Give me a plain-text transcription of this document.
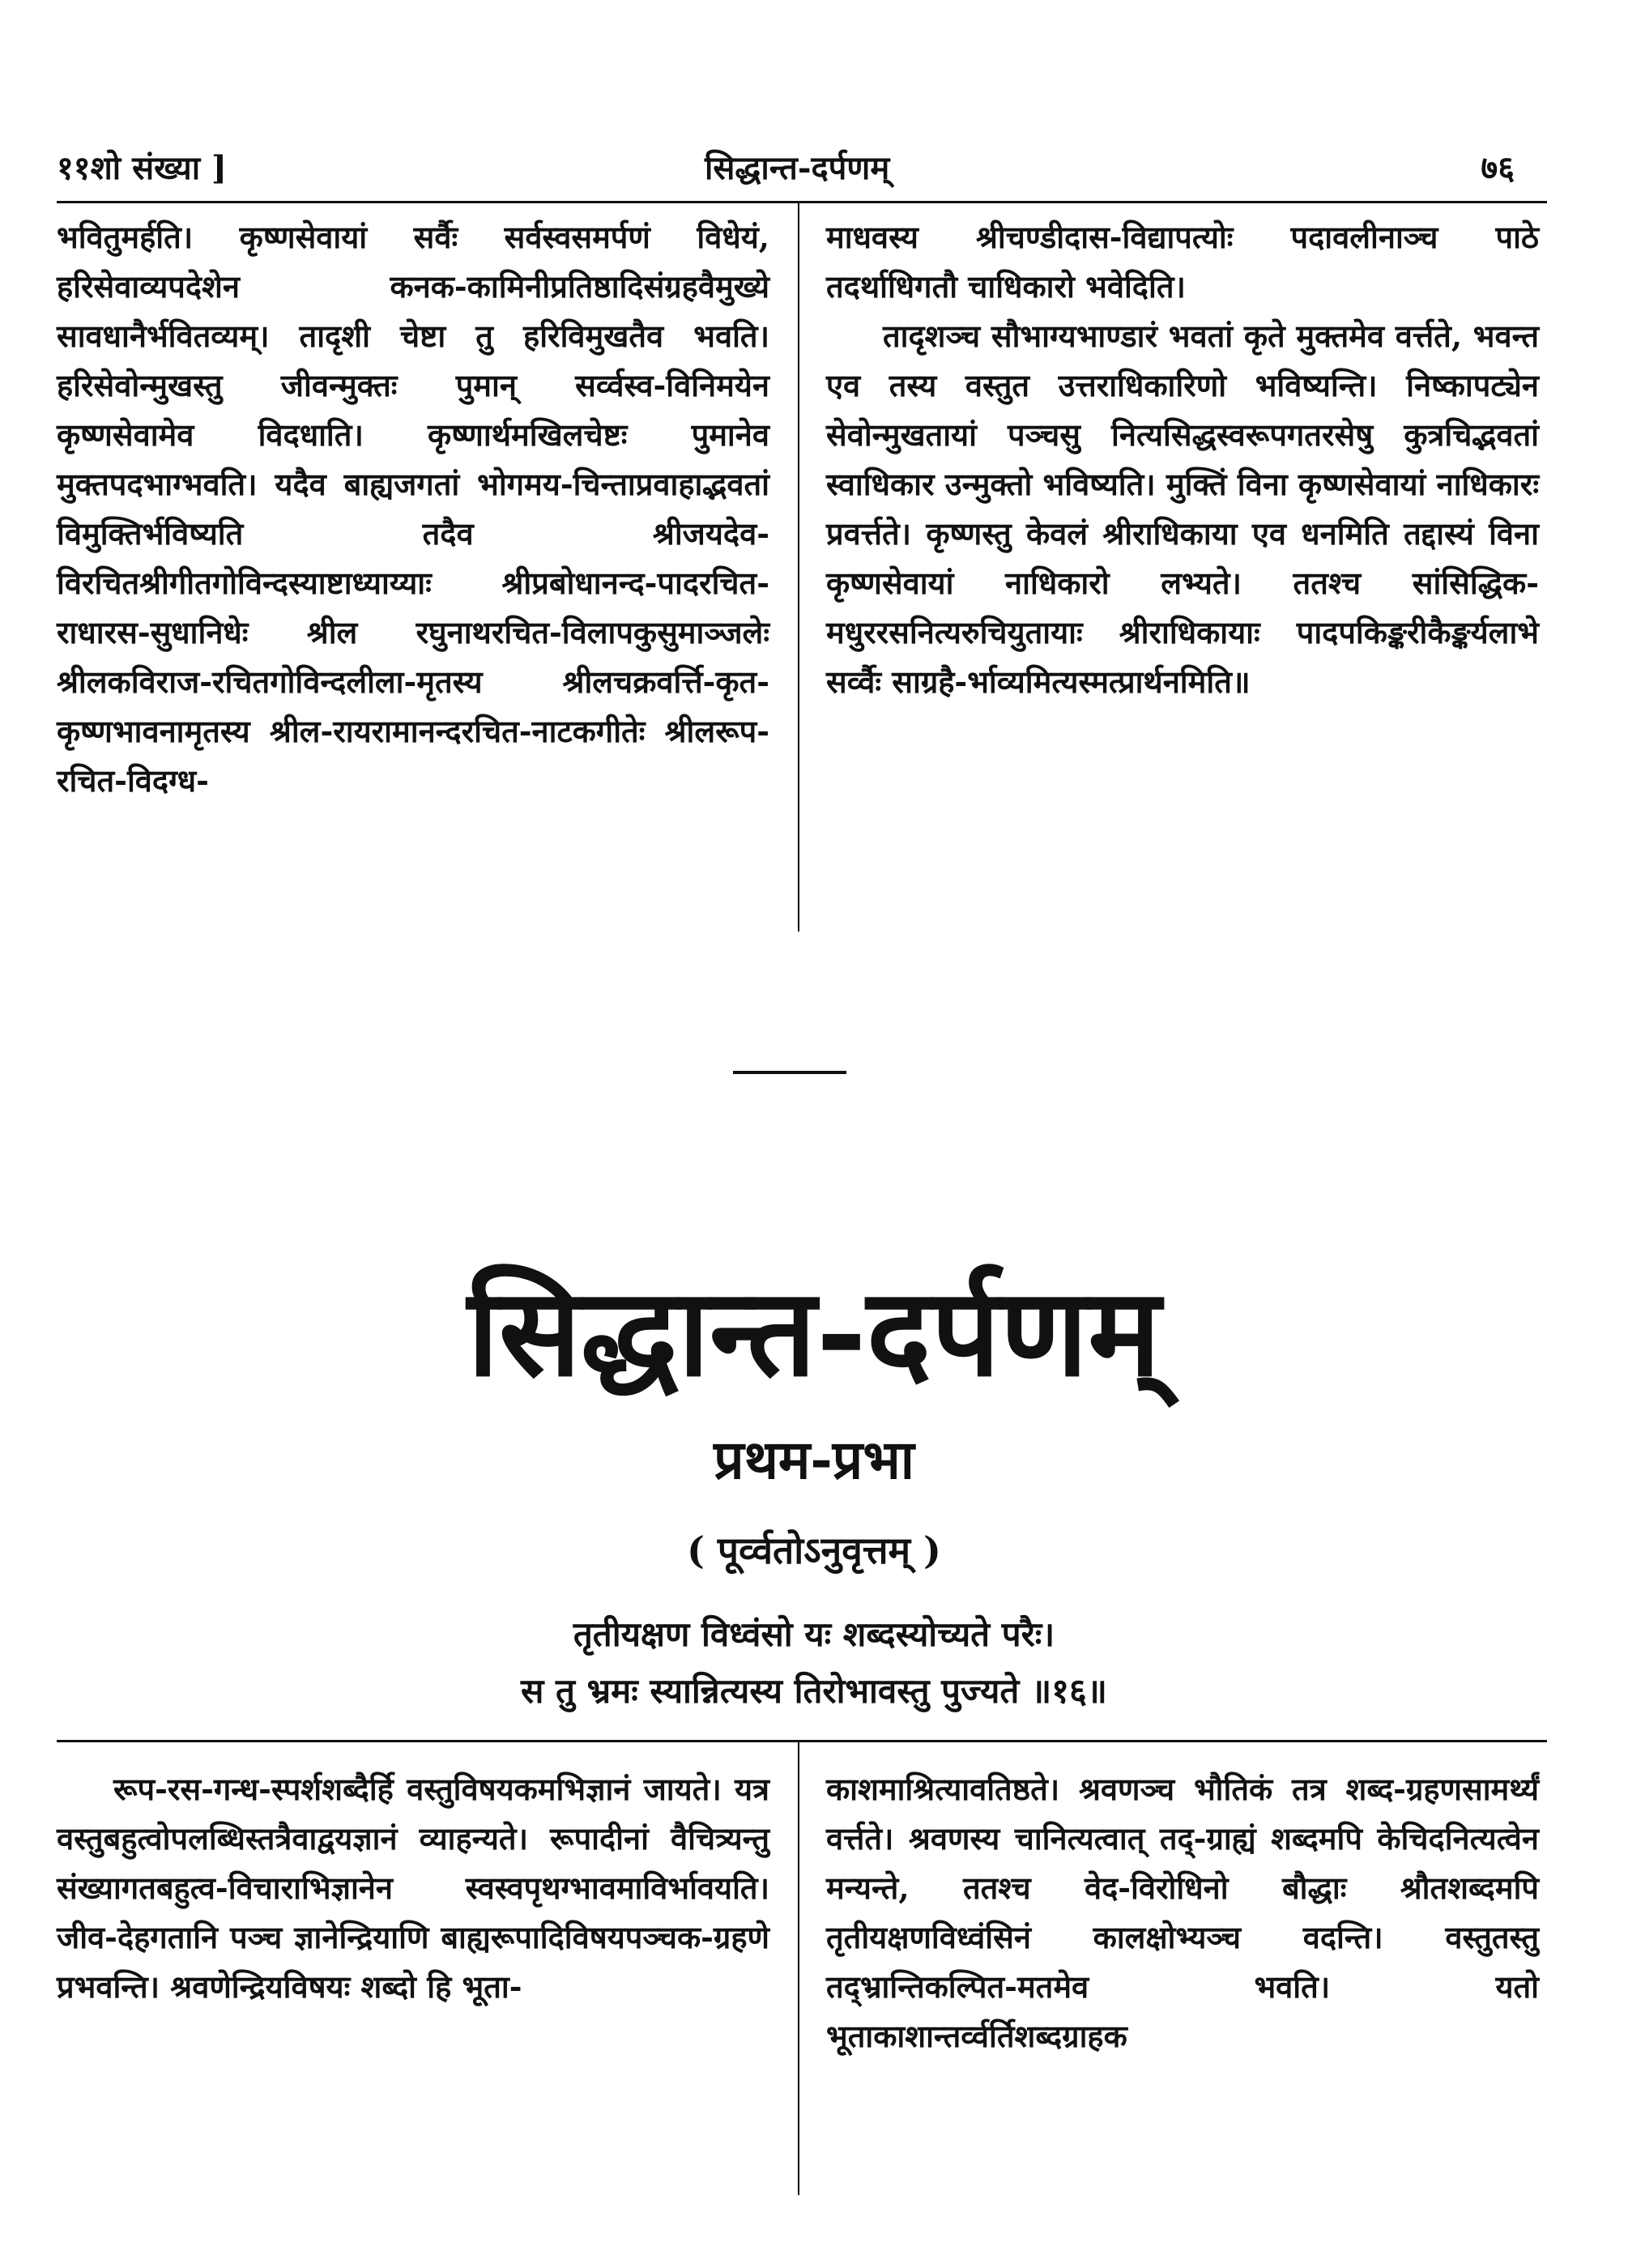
११शो संख्या ]	सिद्धान्त-दर्पणम्	७६

भवितुमर्हति। कृष्णसेवायां सर्वैः सर्वस्वसमर्पणं विधेयं, हरिसेवाव्यपदेशेन कनक-कामिनीप्रतिष्ठादिसंग्रहवैमुख्ये सावधानैर्भवितव्यम्। तादृशी चेष्टा तु हरिविमुखतैव भवति। हरिसेवोन्मुखस्तु जीवन्मुक्तः पुमान् सर्व्वस्व-विनिमयेन कृष्णसेवामेव विदधाति। कृष्णार्थमखिलचेष्टः पुमानेव मुक्तपदभाग्भवति। यदैव बाह्यजगतां भोगमय-चिन्ताप्रवाहाद्भवतां विमुक्तिर्भविष्यति तदैव श्रीजयदेव-विरचितश्रीगीतगोविन्दस्याष्टाध्याय्याः श्रीप्रबोधानन्द-पादरचित-राधारस-सुधानिधेः श्रील रघुनाथरचित-विलापकुसुमाञ्जलेः श्रीलकविराज-रचितगोविन्दलीला-मृतस्य श्रीलचक्रवर्त्ति-कृत-कृष्णभावनामृतस्य श्रील-रायरामानन्दरचित-नाटकगीतेः श्रीलरूप-रचित-विदग्ध-

माधवस्य श्रीचण्डीदास-विद्यापत्योः पदावलीनाञ्च पाठे तदर्थाधिगतौ चाधिकारो भवेदिति।

तादृशञ्च सौभाग्यभाण्डारं भवतां कृते मुक्तमेव वर्त्तते, भवन्त एव तस्य वस्तुत उत्तराधिकारिणो भविष्यन्ति। निष्कापट्येन सेवोन्मुखतायां पञ्चसु नित्यसिद्धस्वरूपगतरसेषु कुत्रचिद्भवतां स्वाधिकार उन्मुक्तो भविष्यति। मुक्तिं विना कृष्णसेवायां नाधिकारः प्रवर्त्तते। कृष्णस्तु केवलं श्रीराधिकाया एव धनमिति तद्दास्यं विना कृष्णसेवायां नाधिकारो लभ्यते। ततश्च सांसिद्धिक-मधुररसनित्यरुचियुतायाः श्रीराधिकायाः पादपकिङ्करीकैङ्कर्यलाभे सर्व्वैः साग्रहै-र्भाव्यमित्यस्मत्प्रार्थनमिति॥

सिद्धान्त-दर्पणम्
प्रथम-प्रभा
( पूर्व्वतोऽनुवृत्तम् )
तृतीयक्षण विध्वंसो यः शब्दस्योच्यते परैः।
स तु भ्रमः स्यान्नित्यस्य तिरोभावस्तु पुज्यते ॥१६॥

रूप-रस-गन्ध-स्पर्शशब्दैर्हि वस्तुविषयकमभिज्ञानं जायते। यत्र वस्तुबहुत्वोपलब्धिस्तत्रैवाद्वयज्ञानं व्याहन्यते। रूपादीनां वैचित्र्यन्तु संख्यागतबहुत्व-विचाराभिज्ञानेन स्वस्वपृथग्भावमाविर्भावयति। जीव-देहगतानि पञ्च ज्ञानेन्द्रियाणि बाह्यरूपादिविषयपञ्चक-ग्रहणे प्रभवन्ति। श्रवणेन्द्रियविषयः शब्दो हि भूता-

काशमाश्रित्यावतिष्ठते। श्रवणञ्च भौतिकं तत्र शब्द-ग्रहणसामर्थ्यं वर्त्तते। श्रवणस्य चानित्यत्वात् तद्-ग्राह्यं शब्दमपि केचिदनित्यत्वेन मन्यन्ते, ततश्च वेद-विरोधिनो बौद्धाः श्रौतशब्दमपि तृतीयक्षणविध्वंसिनं कालक्षोभ्यञ्च वदन्ति। वस्तुतस्तु तद्भ्रान्तिकल्पित-मतमेव भवति। यतो भूताकाशान्तर्व्वर्तिशब्दग्राहक
